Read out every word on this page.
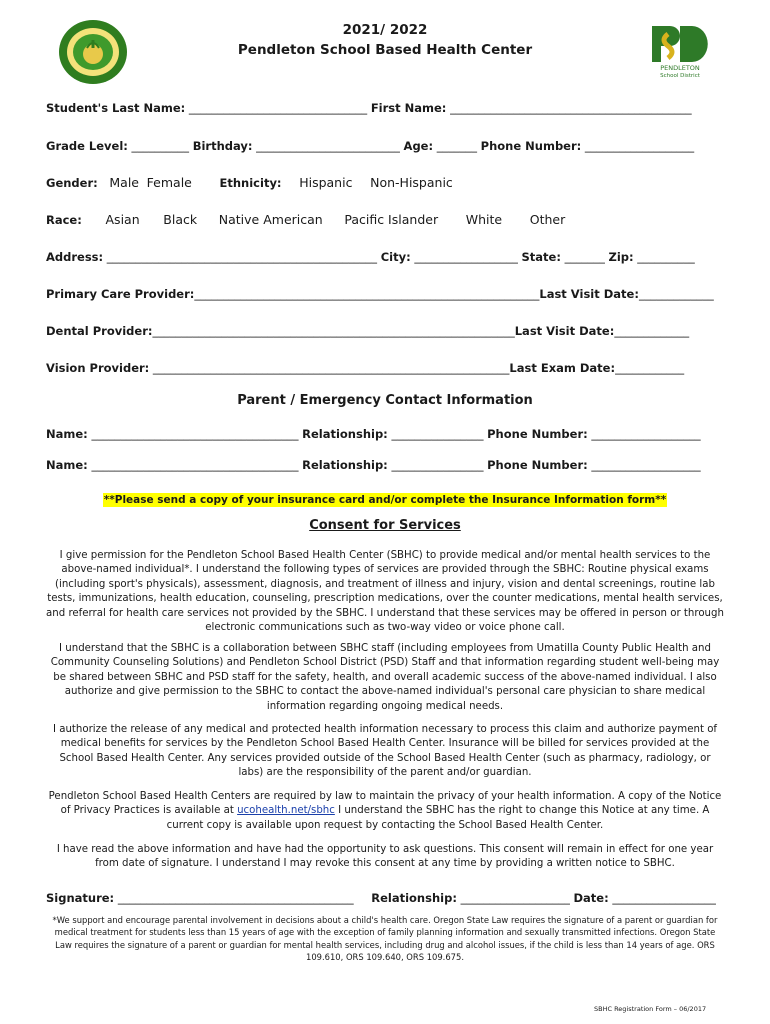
PENDLETON
School District
2021/ 2022
Pendleton School Based Health Center
Student's Last Name: _______________________________ First Name: __________________________________________
Grade Level: __________ Birthday: _________________________ Age: _______ Phone Number: ___________________
Gender: Male Female Ethnicity: Hispanic Non-Hispanic
Race: Asian Black Native American Pacific Islander White Other
Address: _______________________________________________ City: __________________ State: _______ Zip: __________
Primary Care Provider:____________________________________________________________Last Visit Date:_____________
Dental Provider:_______________________________________________________________Last Visit Date:_____________
Vision Provider: ______________________________________________________________Last Exam Date:____________
Parent / Emergency Contact Information
Name: ____________________________________ Relationship: ________________ Phone Number: ___________________
Name: ____________________________________ Relationship: ________________ Phone Number: ___________________
**Please send a copy of your insurance card and/or complete the Insurance Information form**
Consent for Services
I give permission for the Pendleton School Based Health Center (SBHC) to provide medical and/or mental health services to the above-named individual*. I understand the following types of services are provided through the SBHC: Routine physical exams (including sport's physicals), assessment, diagnosis, and treatment of illness and injury, vision and dental screenings, routine lab tests, immunizations, health education, counseling, prescription medications, over the counter medications, mental health services, and referral for health care services not provided by the SBHC. I understand that these services may be offered in person or through electronic communications such as two-way video or voice phone call.
I understand that the SBHC is a collaboration between SBHC staff (including employees from Umatilla County Public Health and Community Counseling Solutions) and Pendleton School District (PSD) Staff and that information regarding student well-being may be shared between SBHC and PSD staff for the safety, health, and overall academic success of the above-named individual. I also authorize and give permission to the SBHC to contact the above-named individual's personal care physician to share medical information regarding ongoing medical needs.
I authorize the release of any medical and protected health information necessary to process this claim and authorize payment of medical benefits for services by the Pendleton School Based Health Center. Insurance will be billed for services provided at the School Based Health Center. Any services provided outside of the School Based Health Center (such as pharmacy, radiology, or labs) are the responsibility of the parent and/or guardian.
Pendleton School Based Health Centers are required by law to maintain the privacy of your health information. A copy of the Notice of Privacy Practices is available at ucohealth.net/sbhc I understand the SBHC has the right to change this Notice at any time. A current copy is available upon request by contacting the School Based Health Center.
I have read the above information and have had the opportunity to ask questions. This consent will remain in effect for one year from date of signature. I understand I may revoke this consent at any time by providing a written notice to SBHC.
Signature: _________________________________________ Relationship: ___________________ Date: __________________
*We support and encourage parental involvement in decisions about a child's health care. Oregon State Law requires the signature of a parent or guardian for medical treatment for students less than 15 years of age with the exception of family planning information and sexually transmitted infections. Oregon State Law requires the signature of a parent or guardian for mental health services, including drug and alcohol issues, if the child is less than 14 years of age. ORS 109.610, ORS 109.640, ORS 109.675.
SBHC Registration Form – 06/2017
